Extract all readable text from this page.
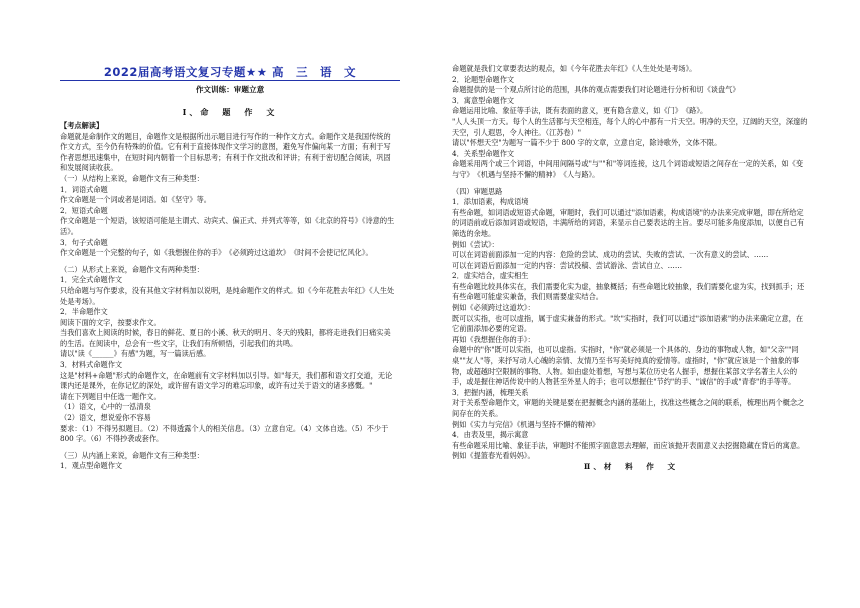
2022届高考语文复习专题★★ 高　三　语　文
作文训练：审题立意
Ⅰ、命　题　作　文

【考点解读】

命题就是命制作文的题目，命题作文是根据所出示题目进行写作的一种作文方式。命题作文是我国传统的作文方式，至今仍有特殊的价值。它有利于直接体现作文学习的意图，避免写作偏向某一方面；有利于写作者思想迅速集中，在短时间内朝着一个目标思考；有利于作文批改和评讲；有利于密切配合阅读，巩固和发展阅读收获。

（一）从结构上来说，命题作文有三种类型：

1．词语式命题

作文命题是一个词或者是词语。如《坚守》等。

2．短语式命题

作文命题是一个短语，该短语可能是主谓式、动宾式、偏正式、并列式等等，如《北京的符号》《诗意的生活》。

3．句子式命题

作文命题是一个完整的句子，如《我想握住你的手》　《必须跨过这道坎》　《时间不会使记忆风化》。

（二）从形式上来说，命题作文有两种类型：

1．完全式命题作文

只给命题与写作要求，没有其他文字材料加以说明，是纯命题作文的样式。如《今年花胜去年红》《人生处处是考场》。

2．半命题作文

阅读下面的文字，按要求作文。

当我们喜欢上阅读的时候，春日的鲜花、夏日的小溪、秋天的明月、冬天的残阳，都将走进我们日痛实美的生活。在阅读中，总会有一些文字，让我们有所顿悟，引起我们的共鸣。

请以"读《______》有感"为题，写一篇读后感。

3．材料式命题作文

这是"材料+命题"形式的命题作文，在命题前有文字材料加以引导。如"每天，我们都和语文打交道，无论课内还是课外，在你记忆的深处，或许留有语文学习的难忘印象，或许有过关于语文的诸多感慨。"

请在下列题目中任选一题作文。

（1）语文，心中的一泓清泉

（2）语文，想说爱你不容易

要求：（1）不得另拟题目。（2）不得透露个人的相关信息。（3）立意自定。（4）文体自选。（5）不少于 800 字。（6）不得抄袭或套作。

（三）从内涵上来说，命题作文有三种类型：

1．观点型命题作文

命题就是我们文章要表达的观点，如《今年花胜去年红》《人生处处是考场》。

2．论题型命题作文

命题提供的是一个观点所讨论的范围，具体的观点需要我们对论题进行分析和切《谈盘气》

3．寓意型命题作文

命题运用比喻、象征等手法，既有表面的意义，更有隐含意义，如《门》　《路》。

"人人头顶一方天。每个人的生活都与天空相连，每个人的心中都有一片天空。明净的天空，辽阔的天空，深邃的天空，引人遐思，令人神往。（江苏卷）"

请以"怀想天空"为题写一篇不少于 800 字的文章，立意自定，除诗歌外，文体不限。

4．关系型命题作文

命题采用两个或三个词语，中间用间隔号或"与""和"等词连接，这几个词语或短语之间存在一定的关系，如《变与守》　《机遇与坚持不懈的精神》　《人与路》。

（四）审题思路

1．添加语素，构成语境

有些命题，如词语或短语式命题，审题时，我们可以通过"添加语素，构成语境"的办法来完成审题，即在所给定的词语前或后添加词语或短语，丰满所给的词语，来显示自己要表达的主旨。要尽可能多角度添加，以便自己有筛选的余地。

例如《尝试》：

可以在词语前面添加一定的内容：危险的尝试、成功的尝试、失败的尝试、一次有意义的尝试、……

可以在词语后面添加一定的内容：尝试投稿、尝试游泳、尝试自立、……

2．虚实结合，虚实相生

有些命题比较具体实在，我们需要化实为虚，抽象概括；有些命题比较抽象，我们需要化虚为实，找到抓手；还有些命题可能虚实兼备，我们则需要虚实结合。

例如《必须跨过这道坎》：

既可以实指，也可以虚指，属于虚实兼备的形式。"坎"实指时，我们可以通过"添加语素"的办法来确定立意，在它前面添加必要的定语。

再如《我想握住你的手》：

命题中的"你"既可以实指，也可以虚指。实指时，"你"就必须是一个具体的、身边的事物或人物，如"父亲""同桌""友人"等，来抒写动人心魄的亲情、友情乃至书写美好纯真的爱情等。虚指时，"你"就应该是一个抽象的事物，或超越时空限制的事物、人物。如由虚处着想，写想与某位历史名人握手，想握住某部文学名著主人公的手，或是握住神话传说中的人物甚至外星人的手；也可以想握住"节约"的手、"诚信"的手或"青春"的手等等。

3．把握内涵，梳理关系

对于关系型命题作文，审题的关键是要在把握概念内涵的基础上，找准这些概念之间的联系，梳理出两个概念之间存在的关系。

例如《实力与完信》《机遇与坚持不懈的精神》

4．由表及里，揭示寓意

有些命题采用比喻、象征手法，审题时不能照字面意思去理解，而应该抛开表面意义去挖掘隐藏在背后的寓意。例如《提篮春光看妈妈》。

Ⅱ、材　料　作　文
